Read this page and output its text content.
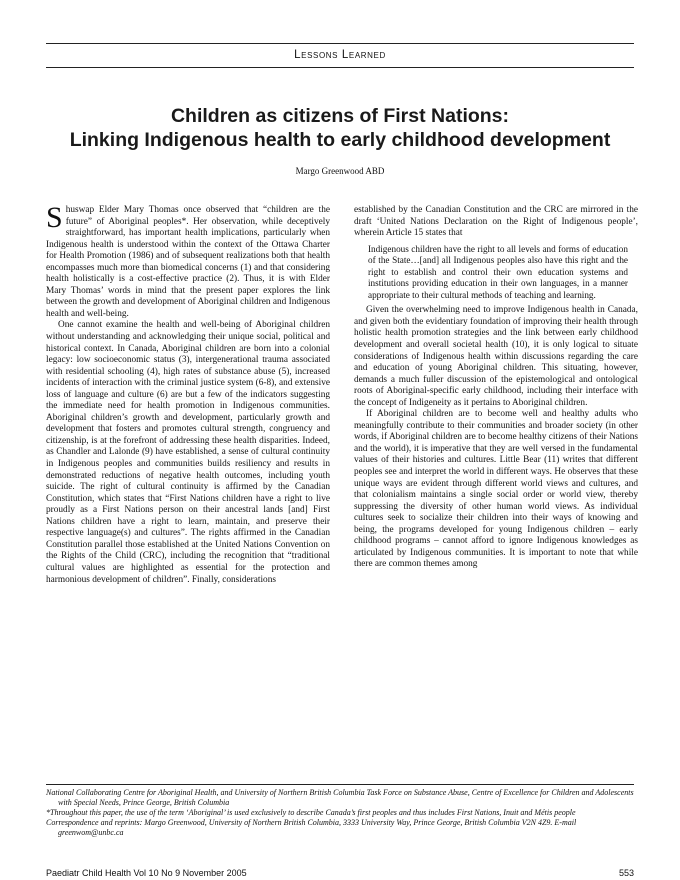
Lessons Learned
Children as citizens of First Nations:
Linking Indigenous health to early childhood development
Margo Greenwood ABD

Shuswap Elder Mary Thomas once observed that “children are the future” of Aboriginal peoples*. Her observation, while deceptively straightforward, has important health implications, particularly when Indigenous health is understood within the context of the Ottawa Charter for Health Promotion (1986) and of subsequent realizations both that health encompasses much more than biomedical concerns (1) and that considering health holistically is a cost-effective practice (2). Thus, it is with Elder Mary Thomas’ words in mind that the present paper explores the link between the growth and development of Aboriginal children and Indigenous health and well-being.

One cannot examine the health and well-being of Aboriginal children without understanding and acknowledging their unique social, political and historical context. In Canada, Aboriginal children are born into a colonial legacy: low socioeconomic status (3), intergenerational trauma associated with residential schooling (4), high rates of substance abuse (5), increased incidents of interaction with the criminal justice system (6-8), and extensive loss of language and culture (6) are but a few of the indicators suggesting the immediate need for health promotion in Indigenous communities. Aboriginal children’s growth and development, particularly growth and development that fosters and promotes cultural strength, congruency and citizenship, is at the forefront of addressing these health disparities. Indeed, as Chandler and Lalonde (9) have established, a sense of cultural continuity in Indigenous peoples and communities builds resiliency and results in demonstrated reductions of negative health outcomes, including youth suicide. The right of cultural continuity is affirmed by the Canadian Constitution, which states that “First Nations children have a right to live proudly as a First Nations person on their ancestral lands [and] First Nations children have a right to learn, maintain, and preserve their respective language(s) and cultures”. The rights affirmed in the Canadian Constitution parallel those established at the United Nations Convention on the Rights of the Child (CRC), including the recognition that “traditional cultural values are highlighted as essential for the protection and harmonious development of children”. Finally, considerations

established by the Canadian Constitution and the CRC are mirrored in the draft ‘United Nations Declaration on the Right of Indigenous people’, wherein Article 15 states that

Indigenous children have the right to all levels and forms of education of the State…[and] all Indigenous peoples also have this right and the right to establish and control their own education systems and institutions providing education in their own languages, in a manner appropriate to their cultural methods of teaching and learning.

Given the overwhelming need to improve Indigenous health in Canada, and given both the evidentiary foundation of improving their health through holistic health promotion strategies and the link between early childhood development and overall societal health (10), it is only logical to situate considerations of Indigenous health within discussions regarding the care and education of young Aboriginal children. This situating, however, demands a much fuller discussion of the epistemological and ontological roots of Aboriginal-specific early childhood, including their interface with the concept of Indigeneity as it pertains to Aboriginal children.

If Aboriginal children are to become well and healthy adults who meaningfully contribute to their communities and broader society (in other words, if Aboriginal children are to become healthy citizens of their Nations and the world), it is imperative that they are well versed in the fundamental values of their histories and cultures. Little Bear (11) writes that different peoples see and interpret the world in different ways. He observes that these unique ways are evident through different world views and cultures, and that colonialism maintains a single social order or world view, thereby suppressing the diversity of other human world views. As individual cultures seek to socialize their children into their ways of knowing and being, the programs developed for young Indigenous children – early childhood programs – cannot afford to ignore Indigenous knowledges as articulated by Indigenous communities. It is important to note that while there are common themes among

National Collaborating Centre for Aboriginal Health, and University of Northern British Columbia Task Force on Substance Abuse, Centre of Excellence for Children and Adolescents with Special Needs, Prince George, British Columbia

*Throughout this paper, the use of the term ‘Aboriginal’ is used exclusively to describe Canada’s first peoples and thus includes First Nations, Inuit and Métis people

Correspondence and reprints: Margo Greenwood, University of Northern British Columbia, 3333 University Way, Prince George, British Columbia V2N 4Z9. E-mail greenwom@unbc.ca

Paediatr Child Health Vol 10 No 9 November 2005	553
